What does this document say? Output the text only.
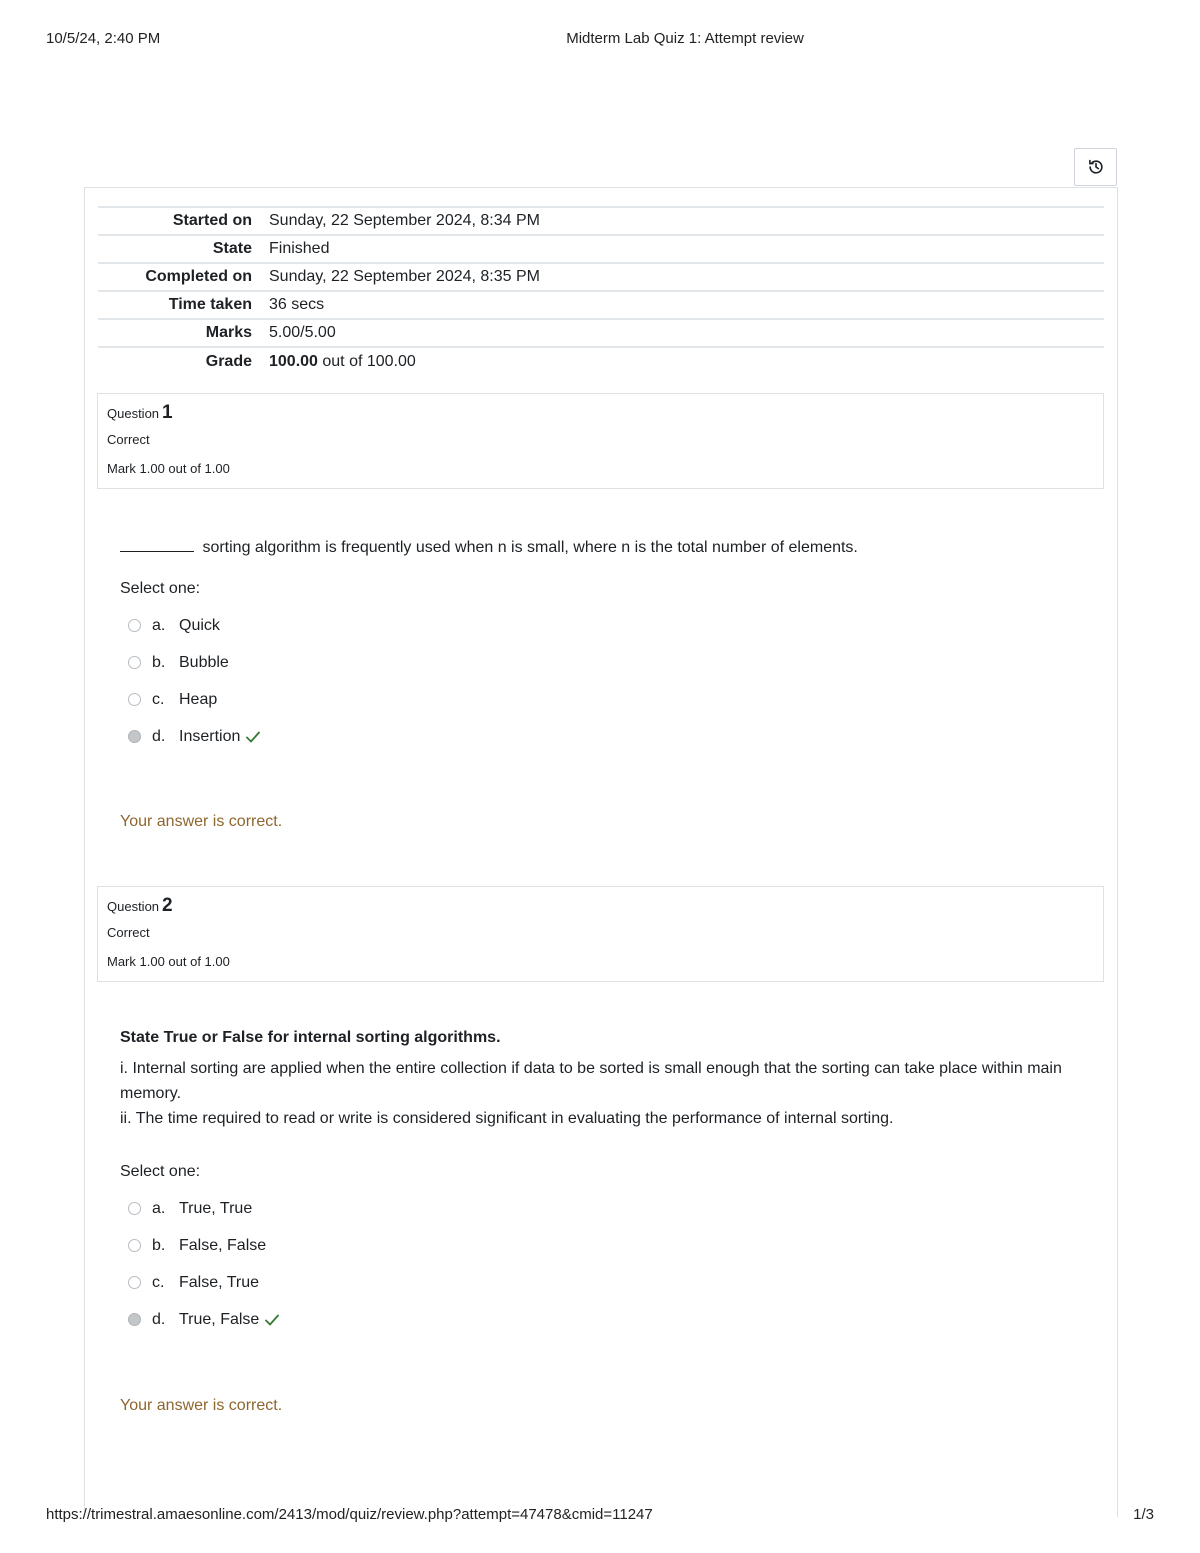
10/5/24, 2:40 PM	Midterm Lab Quiz 1: Attempt review
Started on	Sunday, 22 September 2024, 8:34 PM
State	Finished
Completed on	Sunday, 22 September 2024, 8:35 PM
Time taken	36 secs
Marks	5.00/5.00
Grade	100.00 out of 100.00
Question 1
Correct
Mark 1.00 out of 1.00

sorting algorithm is frequently used when n is small, where n is the total number of elements.

Select one:
a. Quick
b. Bubble
c. Heap
d. Insertion
Your answer is correct.
Question 2
Correct
Mark 1.00 out of 1.00

State True or False for internal sorting algorithms.

i. Internal sorting are applied when the entire collection if data to be sorted is small enough that the sorting can take place within main memory.

ii. The time required to read or write is considered significant in evaluating the performance of internal sorting.

Select one:
a. True, True
b. False, False
c. False, True
d. True, False
Your answer is correct.
https://trimestral.amaesonline.com/2413/mod/quiz/review.php?attempt=47478&cmid=11247	1/3
